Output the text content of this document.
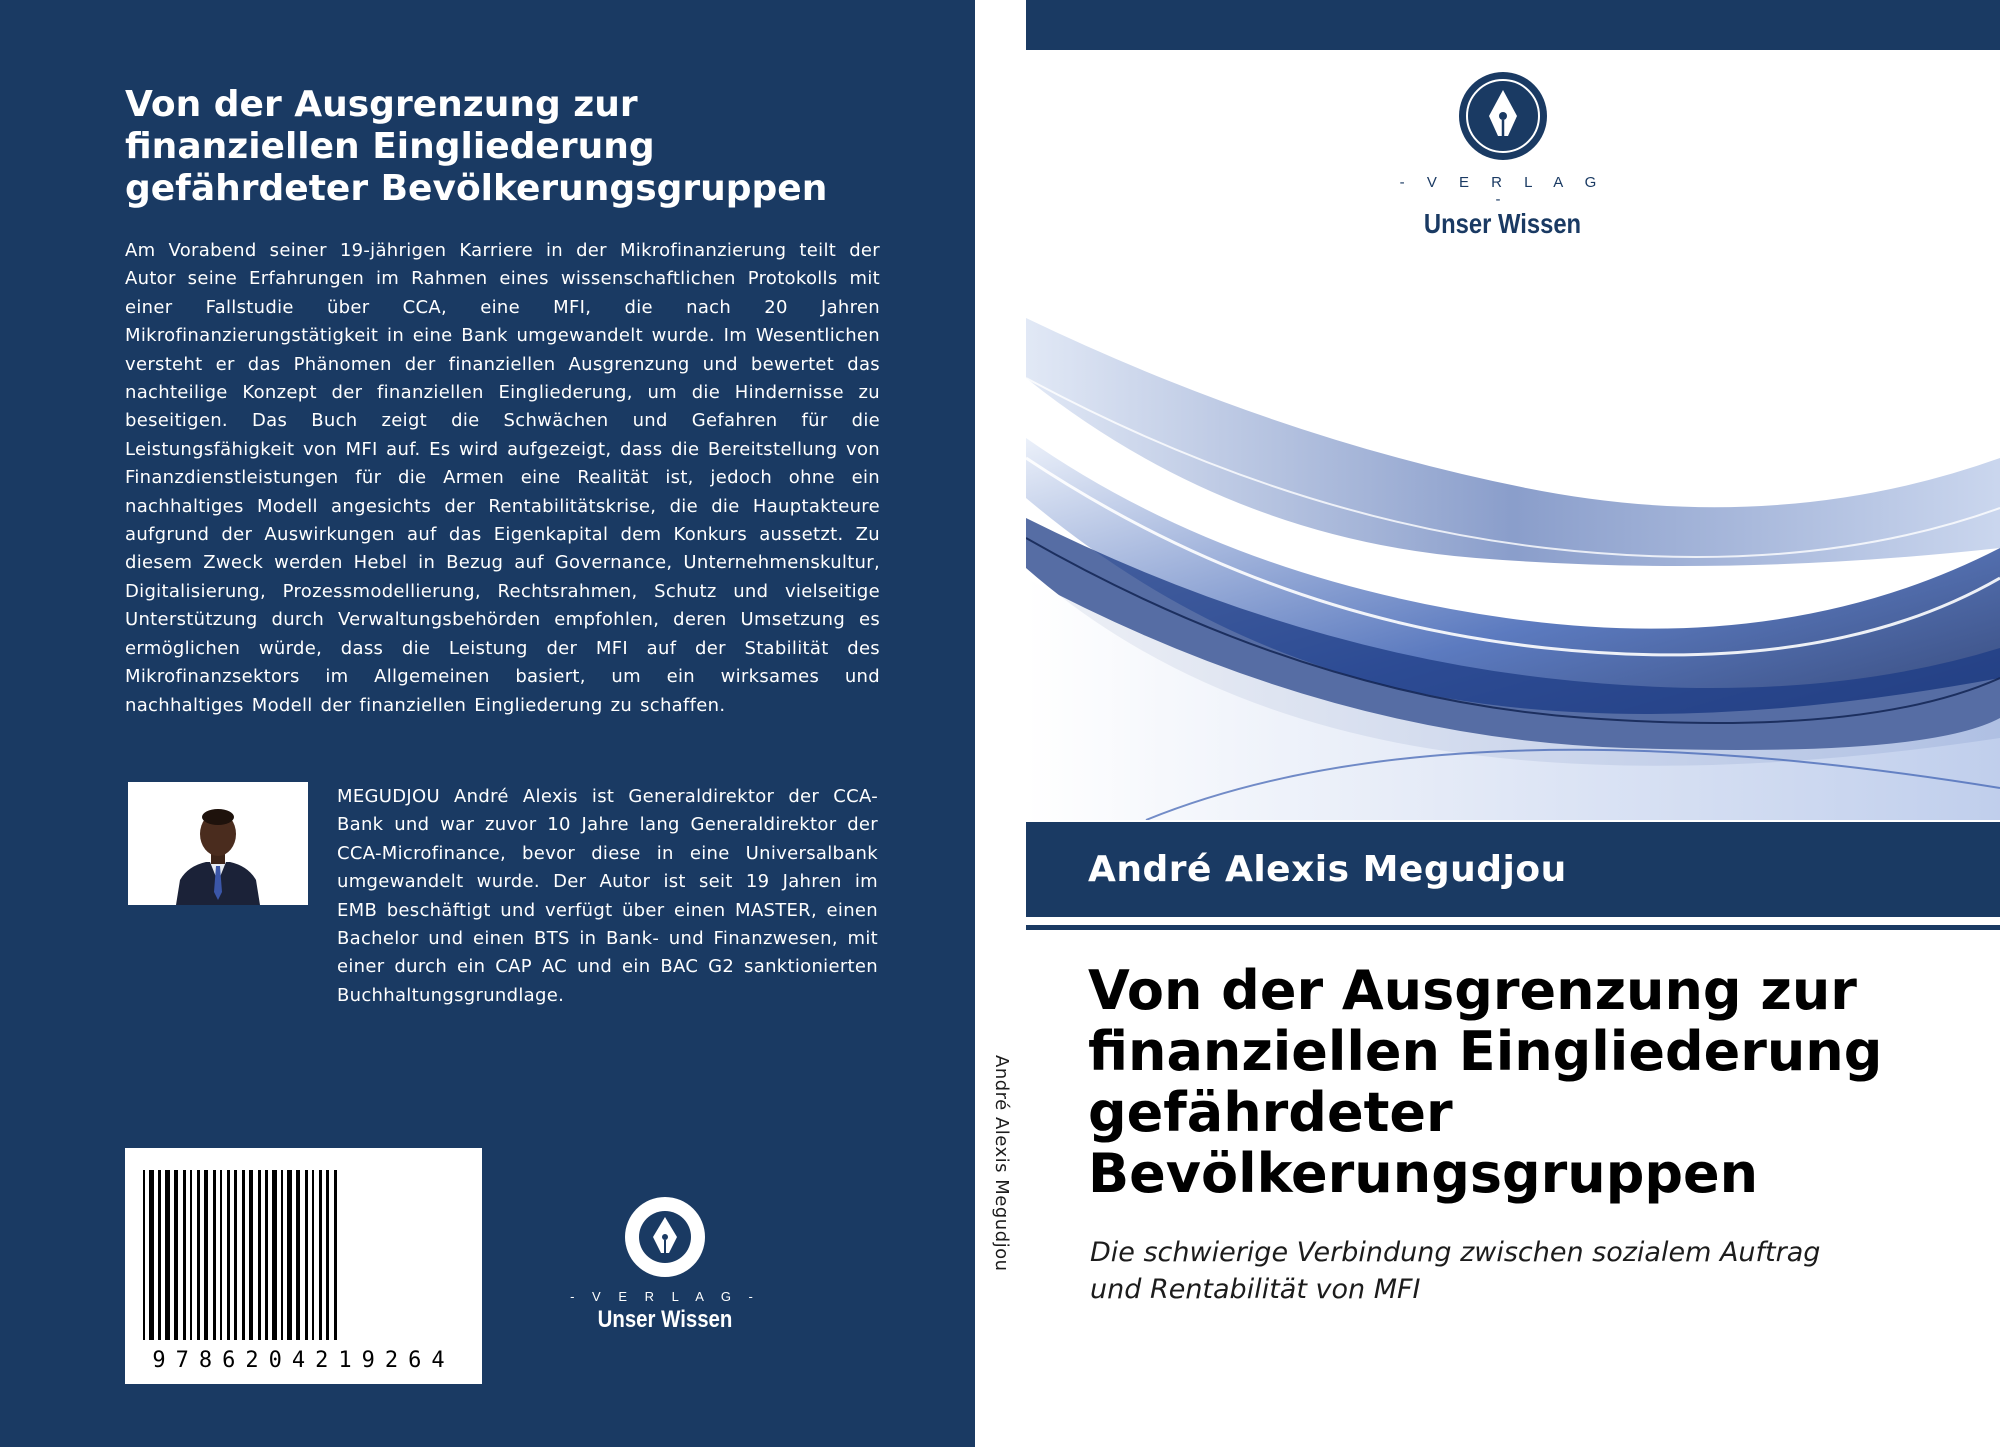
Von der Ausgrenzung zur
finanziellen Eingliederung
gefährdeter Bevölkerungsgruppen

Am Vorabend seiner 19-jährigen Karriere in der Mikrofinanzierung teilt der Autor seine Erfahrungen im Rahmen eines wissenschaftlichen Protokolls mit einer Fallstudie über CCA, eine MFI, die nach 20 Jahren Mikrofinanzierungstätigkeit in eine Bank umgewandelt wurde. Im Wesentlichen versteht er das Phänomen der finanziellen Ausgrenzung und bewertet das nachteilige Konzept der finanziellen Eingliederung, um die Hindernisse zu beseitigen. Das Buch zeigt die Schwächen und Gefahren für die Leistungsfähigkeit von MFI auf. Es wird aufgezeigt, dass die Bereitstellung von Finanzdienstleistungen für die Armen eine Realität ist, jedoch ohne ein nachhaltiges Modell angesichts der Rentabilitätskrise, die die Hauptakteure aufgrund der Auswirkungen auf das Eigenkapital dem Konkurs aussetzt. Zu diesem Zweck werden Hebel in Bezug auf Governance, Unternehmenskultur, Digitalisierung, Prozessmodellierung, Rechtsrahmen, Schutz und vielseitige Unterstützung durch Verwaltungsbehörden empfohlen, deren Umsetzung es ermöglichen würde, dass die Leistung der MFI auf der Stabilität des Mikrofinanzsektors im Allgemeinen basiert, um ein wirksames und nachhaltiges Modell der finanziellen Eingliederung zu schaffen.

MEGUDJOU André Alexis ist Generaldirektor der CCA-Bank und war zuvor 10 Jahre lang Generaldirektor der CCA-Microfinance, bevor diese in eine Universalbank umgewandelt wurde. Der Autor ist seit 19 Jahren im EMB beschäftigt und verfügt über einen MASTER, einen Bachelor und einen BTS in Bank- und Finanzwesen, mit einer durch ein CAP AC und ein BAC G2 sanktionierten Buchhaltungsgrundlage.

9786204219264
- V E R L A G -
Unser Wissen
André Alexis Megudjou
- V E R L A G -
Unser Wissen

André Alexis Megudjou

Von der Ausgrenzung zur
finanziellen Eingliederung
gefährdeter
Bevölkerungsgruppen

Die schwierige Verbindung zwischen sozialem Auftrag
und Rentabilität von MFI
